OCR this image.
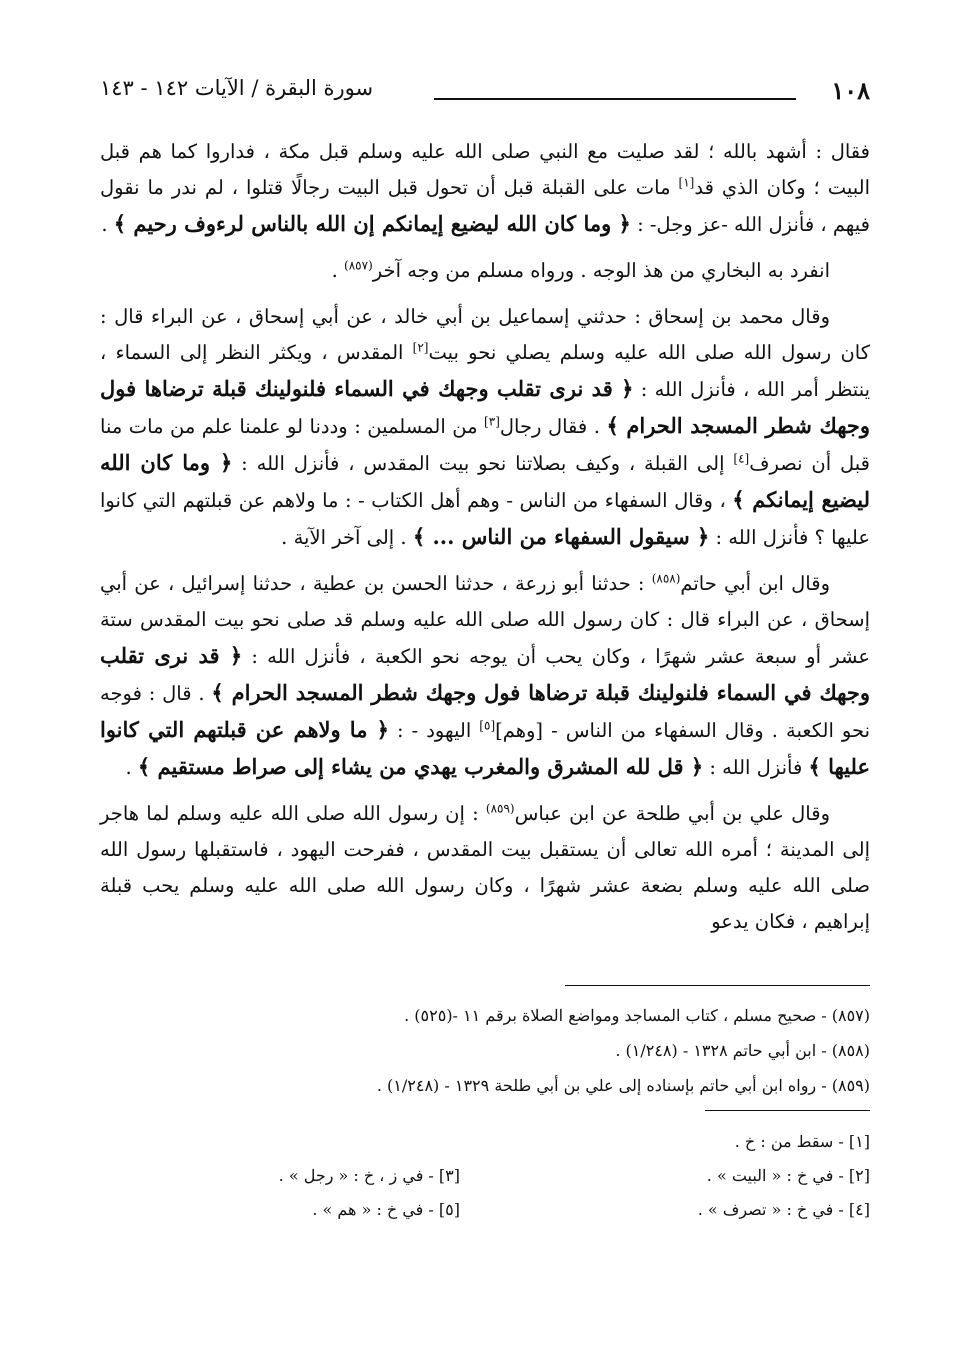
١٠٨
سورة البقرة / الآيات ١٤٢ - ١٤٣

فقال : أشهد بالله ؛ لقد صليت مع النبي صلى الله عليه وسلم قبل مكة ، فداروا كما هم قبل البيت ؛ وكان الذي قد[١] مات على القبلة قبل أن تحول قبل البيت رجالًا قتلوا ، لم ندر ما نقول فيهم ، فأنزل الله -عز وجل- : ﴿ وما كان الله ليضيع إيمانكم إن الله بالناس لرءوف رحيم ﴾ .

انفرد به البخاري من هذ الوجه . ورواه مسلم من وجه آخر$^{(٨٥٧)}$ .

وقال محمد بن إسحاق : حدثني إسماعيل بن أبي خالد ، عن أبي إسحاق ، عن البراء قال : كان رسول الله صلى الله عليه وسلم يصلي نحو بيت[٢] المقدس ، ويكثر النظر إلى السماء ، ينتظر أمر الله ، فأنزل الله : ﴿ قد نرى تقلب وجهك في السماء فلنولينك قبلة ترضاها فول وجهك شطر المسجد الحرام ﴾ . فقال رجال[٣] من المسلمين : وددنا لو علمنا علم من مات منا قبل أن نصرف[٤] إلى القبلة ، وكيف بصلاتنا نحو بيت المقدس ، فأنزل الله : ﴿ وما كان الله ليضيع إيمانكم ﴾ ، وقال السفهاء من الناس - وهم أهل الكتاب - : ما ولاهم عن قبلتهم التي كانوا عليها ؟ فأنزل الله : ﴿ سيقول السفهاء من الناس ... ﴾ . إلى آخر الآية .

وقال ابن أبي حاتم$^{(٨٥٨)}$ : حدثنا أبو زرعة ، حدثنا الحسن بن عطية ، حدثنا إسرائيل ، عن أبي إسحاق ، عن البراء قال : كان رسول الله صلى الله عليه وسلم قد صلى نحو بيت المقدس ستة عشر أو سبعة عشر شهرًا ، وكان يحب أن يوجه نحو الكعبة ، فأنزل الله : ﴿ قد نرى تقلب وجهك في السماء فلنولينك قبلة ترضاها فول وجهك شطر المسجد الحرام ﴾ . قال : فوجه نحو الكعبة . وقال السفهاء من الناس - [وهم][٥] اليهود - : ﴿ ما ولاهم عن قبلتهم التي كانوا عليها ﴾ فأنزل الله : ﴿ قل لله المشرق والمغرب يهدي من يشاء إلى صراط مستقيم ﴾ .

وقال علي بن أبي طلحة عن ابن عباس$^{(٨٥٩)}$ : إن رسول الله صلى الله عليه وسلم لما هاجر إلى المدينة ؛ أمره الله تعالى أن يستقبل بيت المقدس ، ففرحت اليهود ، فاستقبلها رسول الله صلى الله عليه وسلم بضعة عشر شهرًا ، وكان رسول الله صلى الله عليه وسلم يحب قبلة إبراهيم ، فكان يدعو

(٨٥٧) - صحيح مسلم ، كتاب المساجد ومواضع الصلاة برقم ١١ -(٥٢٥) .
(٨٥٨) - ابن أبي حاتم ١٣٢٨ - (١/٢٤٨) .
(٨٥٩) - رواه ابن أبي حاتم بإسناده إلى علي بن أبي طلحة ١٣٢٩ - (١/٢٤٨) .
[١] - سقط من : خ .
[٢] - في خ : « البيت » .
[٣] - في ز ، خ : « رجل » .
[٤] - في خ : « تصرف » .
[٥] - في خ : « هم » .
